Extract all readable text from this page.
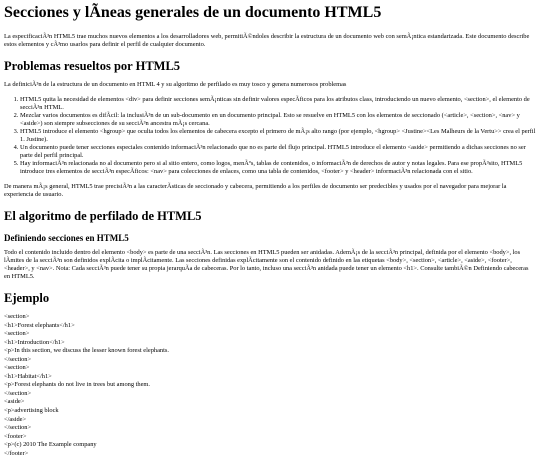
Secciones y lÃneas generales de un documento HTML5

La especificaciÃ³n HTML5 trae muchos nuevos elementos a los desarrolladores web, permitiÃ©ndoles describir la estructura de un documento web con semÃ¡ntica estandarizada. Este documento describe estos elementos y cÃ³mo usarlos para definir el perfil de cualquier documento.

Problemas resueltos por HTML5

La definiciÃ³n de la estructura de un documento en HTML 4 y su algoritmo de perfilado es muy tosco y genera numerosos problemas

1. HTML5 quita la necesidad de elementos <div> para definir secciones semÃ¡nticas sin definir valores especÃficos para los atributos class, introduciendo un nuevo elemento, <section>, el elemento de secciÃ³n HTML.
2. Mezclar varios documentos es difÃcil: la inclusiÃ³n de un sub-documento en un documento principal. Esto se resuelve en HTML5 con los elementos de seccionado (<article>, <section>, <nav> y <aside>) son siempre subsecciones de su secciÃ³n ancestra mÃ¡s cercana.
3. HTML5 introduce el elemento <hgroup> que oculta todos los elementos de cabecera excepto el primero de mÃ¡s alto rango (por ejemplo, <hgroup> <Justine><Les Malheurs de la Vertu>> crea el perfil 1. Justine).
4. Un documento puede tener secciones especiales contenido informaciÃ³n relacionado que no es parte del flujo principal. HTML5 introduce el elemento <aside> permitiendo a dichas secciones no ser parte del perfil principal.
5. Hay informaciÃ³n relacionada no al documento pero si al sitio entero, como logos, menÃºs, tablas de contenidos, o informaciÃ³n de derechos de autor y notas legales. Para ese propÃ³sito, HTML5 introduce tres elementos de secciÃ³n especÃficos: <nav> para colecciones de enlaces, como una tabla de contenidos, <footer> y <header> informaciÃ³n relacionada con el sitio.

De manera mÃ¡s general, HTML5 trae precisiÃ³n a las caracterÃsticas de seccionado y cabecera, permitiendo a los perfiles de documento ser predecibles y usados por el navegador para mejorar la experiencia de usuario.

El algoritmo de perfilado de HTML5
Definiendo secciones en HTML5

Todo el contenido incluido dentro del elemento <body> es parte de una secciÃ³n. Las secciones en HTML5 pueden ser anidadas. AdemÃ¡s de la secciÃ³n principal, definida por el elemento <body>, los lÃmites de la secciÃ³n son definidos explÃcita o implÃcitamente. Las secciones definidas explÃcitamente son el contenido definido en las etiquetas <body>, <section>, <article>, <aside>, <footer>, <header>, y <nav>. Nota: Cada secciÃ³n puede tener su propia jerarquÃa de cabeceras. Por lo tanto, incluso una secciÃ³n anidada puede tener un elemento <h1>. Consulte tambiÃ©n Definiendo cabeceras en HTML5.

Ejemplo
<section>
<h1>Forest elephants</h1>
<section>
<h1>Introduction</h1>
<p>In this section, we discuss the lesser known forest elephants.
</section>
<section>
<h1>Habitat</h1>
<p>Forest elephants do not live in trees but among them.
</section>
<aside>
<p>advertising block
</aside>
</section>
<footer>
<p>(c) 2010 The Example company
</footer>
